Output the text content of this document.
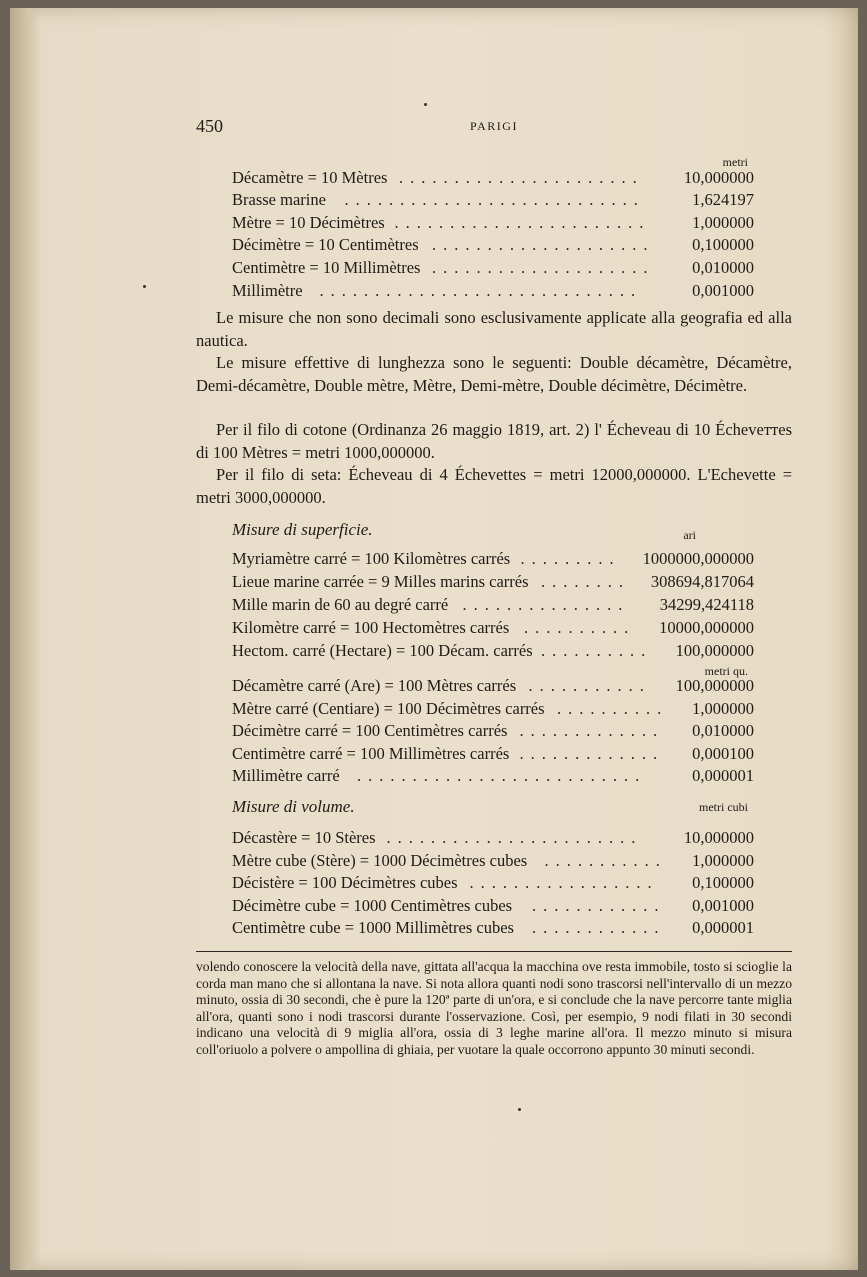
450	PARIGI
metri
Décamètre = 10 Mètres ...................... 10,000000
Brasse marine ...........................	1,624197
Mètre = 10 Décimètres .......................	1,000000
Décimètre = 10 Centimètres .................... 0,100000
Centimètre = 10 Millimètres .................... 0,010000
Millimètre .............................	0,001000
Le misure che non sono decimali sono esclusivamente applicate alla geografia ed alla nautica.
Le misure effettive di lunghezza sono le seguenti: Double décamètre, Décamètre, Demi-décamètre, Double mètre, Mètre, Demi-mètre, Double décimètre, Décimètre.
Per il filo di cotone (Ordinanza 26 maggio 1819, art. 2) l' Écheveau di 10 Écheveттes di 100 Mètres = metri 1000,000000.
Per il filo di seta: Écheveau di 4 Échevettes = metri 12000,000000. L'Echevette = metri 3000,000000.
Misure di superficie.	ari
metri qu.
Myriamètre carré = 100 Kilomètres carrés ......... 1000000,000000
Lieue marine carrée = 9 Milles marins carrés ........ 308694,817064
Mille marin de 60 au degré carré ............... 34299,424118
Kilomètre carré = 100 Hectomètres carrés .......... 10000,000000
Hectom. carré (Hectare) = 100 Décam. carrés .......... 100,000000
Décamètre carré (Are) = 100 Mètres carrés ........... 100,000000
Mètre carré (Centiare) = 100 Décimètres carrés .......... 1,000000
Décimètre carré = 100 Centimètres carrés ............. 0,010000
Centimètre carré = 100 Millimètres carrés ............. 0,000100
Millimètre carré ..........................	0,000001
Misure di volume.	metri cubi
Décastère = 10 Stères .......................	10,000000
Mètre cube (Stère) = 1000 Décimètres cubes ........... 1,000000
Décistère = 100 Décimètres cubes ................. 0,100000
Décimètre cube = 1000 Centimètres cubes ............ 0,001000
Centimètre cube = 1000 Millimètres cubes ............ 0,000001
volendo conoscere la velocità della nave, gittata all'acqua la macchina ove resta immobile, tosto si scioglie la corda man mano che si allontana la nave. Si nota allora quanti nodi sono trascorsi nell'intervallo di un mezzo minuto, ossia di 30 secondi, che è pure la 120ª parte di un'ora, e si conclude che la nave percorre tante miglia all'ora, quanti sono i nodi trascorsi durante l'osservazione. Così, per esempio, 9 nodi filati in 30 secondi indicano una velocità di 9 miglia all'ora, ossia di 3 leghe marine all'ora. Il mezzo minuto si misura coll'oriuolo a polvere o ampollina di ghiaia, per vuotare la quale occorrono appunto 30 minuti secondi.
